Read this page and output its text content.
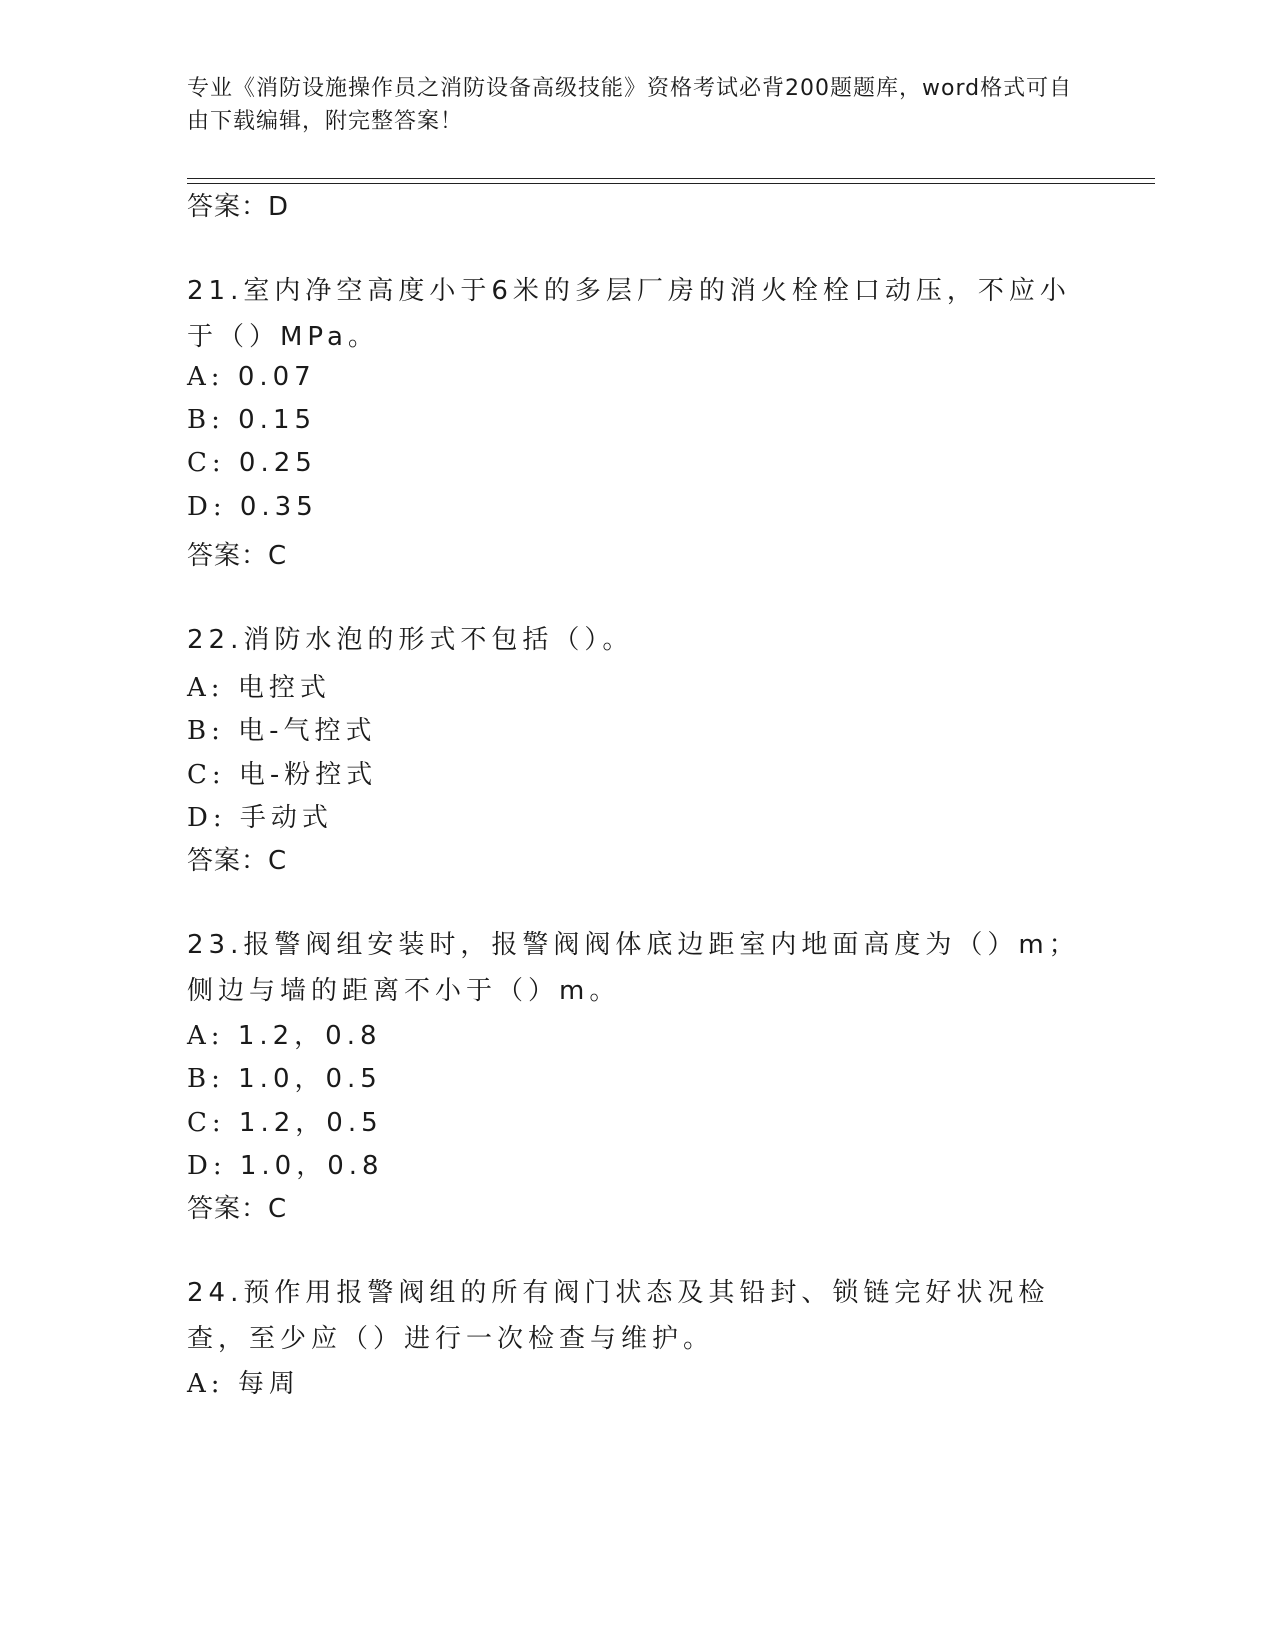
专业《消防设施操作员之消防设备高级技能》资格考试必背200题题库，word格式可自由下载编辑，附完整答案！
答案：D
21.室内净空高度小于6米的多层厂房的消火栓栓口动压，不应小于（）MPa。
A: 0.07
B: 0.15
C: 0.25
D: 0.35
答案：C
22.消防水泡的形式不包括（）。
A: 电控式
B: 电-气控式
C: 电-粉控式
D: 手动式
答案：C
23.报警阀组安装时，报警阀阀体底边距室内地面高度为（）m；侧边与墙的距离不小于（）m。
A: 1.2，0.8
B: 1.0，0.5
C: 1.2，0.5
D: 1.0，0.8
答案：C
24.预作用报警阀组的所有阀门状态及其铅封、锁链完好状况检查，至少应（）进行一次检查与维护。
A: 每周
